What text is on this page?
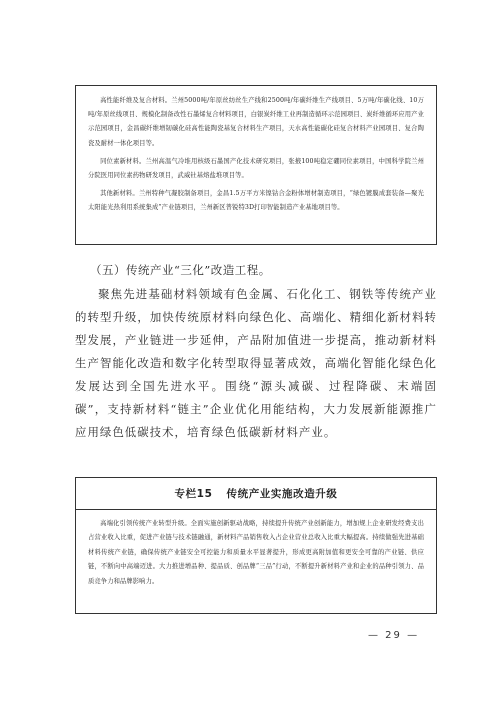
高性能纤维及复合材料。兰州5000吨/年原丝纺丝生产线和2500吨/年碳纤维生产线项目、5万吨/年碳化线、10万吨/年原丝线项目、规模化制备改性石墨烯复合材料项目，白银炭纤维工业再制造循环示范园项目、炭纤维循环应用产业示范园项目，金昌碳纤维增韧碳化硅高性能陶瓷基复合材料生产项目，天水高性能碳化硅复合材料产业园项目、复合陶瓷及耐材一体化项目等。

同位素新材料。兰州高温气冷堆用核级石墨国产化技术研究项目，张掖100吨稳定硼同位素项目，中国科学院兰州分院医用同位素药物研发项目，武威钍基熔盐堆项目等。

其他新材料。兰州特种气凝胶制备项目，金昌1.5万平方米镍钴合金粉体增材制造项目，“绿色镀膜成套装备—聚光太阳能光热利用系统集成”产业链项目，兰州新区普锐特3D打印智能制造产业基地项目等。

（五）传统产业“三化”改造工程。

聚焦先进基础材料领域有色金属、石化化工、钢铁等传统产业的转型升级，加快传统原材料向绿色化、高端化、精细化新材料转型发展，产业链进一步延伸，产品附加值进一步提高，推动新材料生产智能化改造和数字化转型取得显著成效，高端化智能化绿色化发展达到全国先进水平。围绕“源头减碳、过程降碳、末端固碳”，支持新材料“链主”企业优化用能结构，大力发展新能源推广应用绿色低碳技术，培育绿色低碳新材料产业。

专栏15 传统产业实施改造升级

高端化引领传统产业转型升级。全面实施创新驱动战略，持续提升传统产业创新能力，增加规上企业研发经费支出占营业收入比重，促进产业链与技术链融通，新材料产品销售收入占企业营业总收入比重大幅提高。持续做强先进基础材料传统产业链，确保传统产业链安全可控能力和质量水平显著提升，形成更高附加值和更安全可靠的产业链、供应链，不断向中高端迈进。大力推进增品种、提品质、创品牌“三品”行动，不断提升新材料产业和企业的品种引领力、品质竞争力和品牌影响力。

— 29 —
